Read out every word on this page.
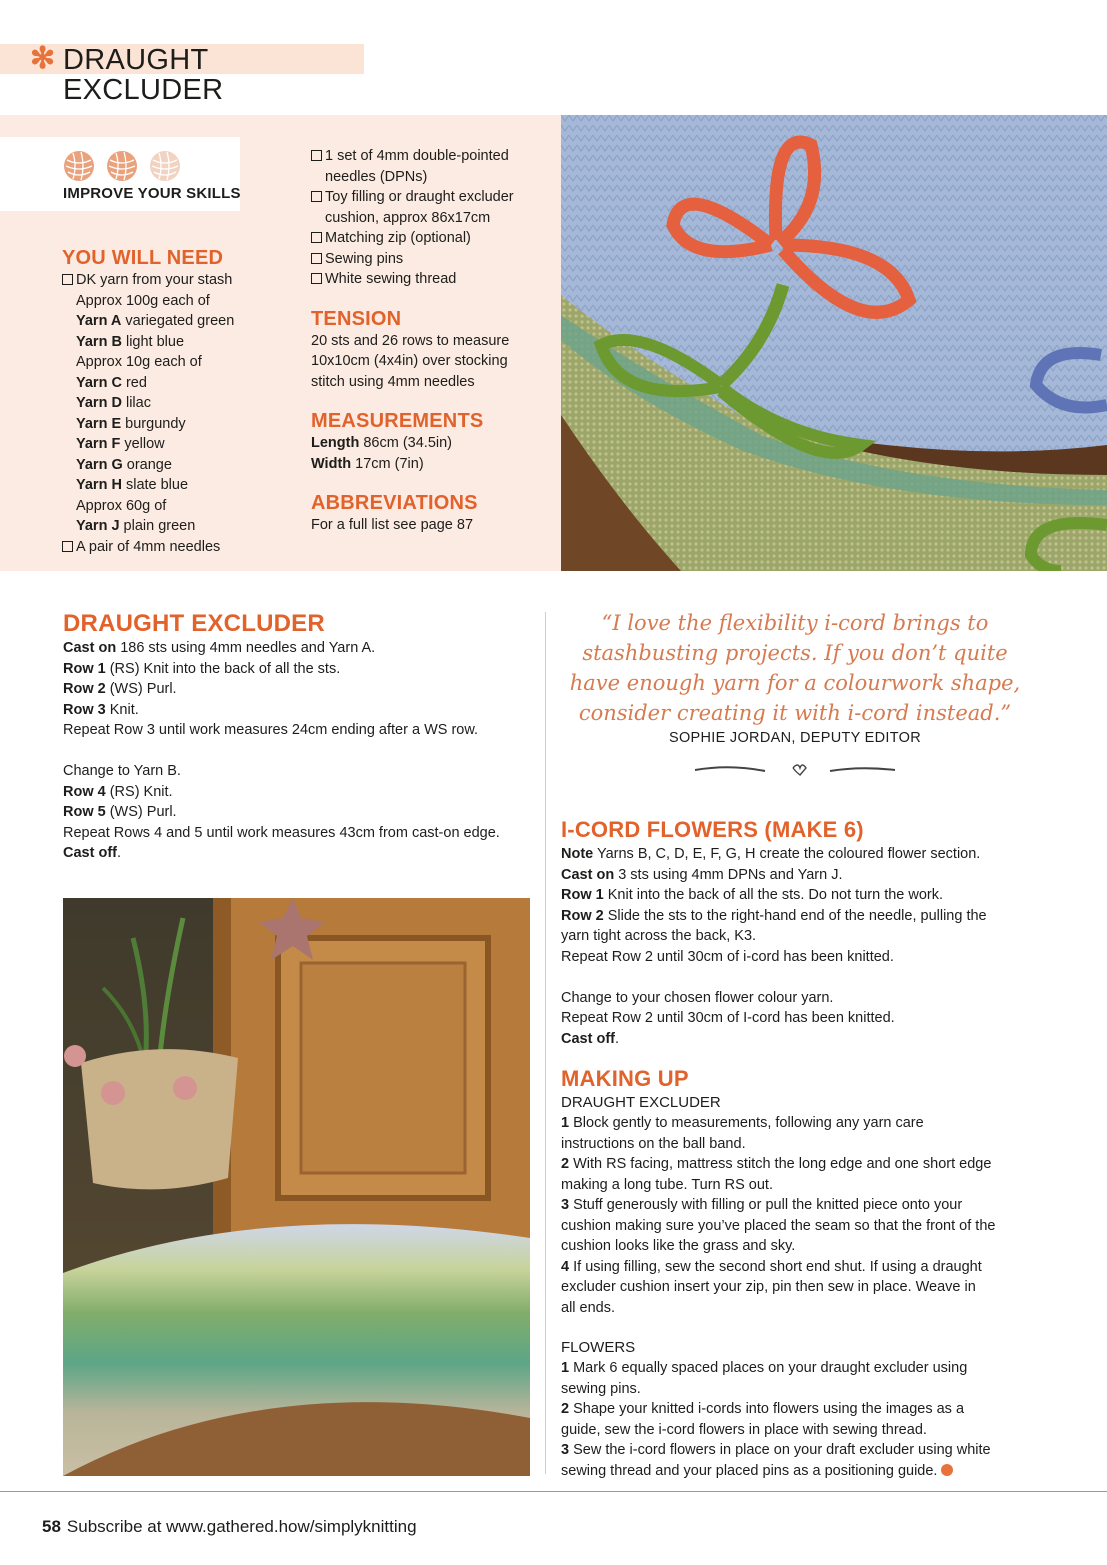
✻ DRAUGHT EXCLUDER
IMPROVE YOUR SKILLS
YOU WILL NEED
DK yarn from your stash
Approx 100g each of
Yarn A variegated green
Yarn B light blue
Approx 10g each of
Yarn C red
Yarn D lilac
Yarn E burgundy
Yarn F yellow
Yarn G orange
Yarn H slate blue
Approx 60g of
Yarn J plain green
A pair of 4mm needles
1 set of 4mm double-pointed
needles (DPNs)
Toy filling or draught excluder
cushion, approx 86x17cm
Matching zip (optional)
Sewing pins
White sewing thread
TENSION
20 sts and 26 rows to measure
10x10cm (4x4in) over stocking
stitch using 4mm needles
MEASUREMENTS
Length 86cm (34.5in)
Width 17cm (7in)
ABBREVIATIONS
For a full list see page 87
DRAUGHT EXCLUDER
Cast on 186 sts using 4mm needles and Yarn A.
Row 1 (RS) Knit into the back of all the sts.
Row 2 (WS) Purl.
Row 3 Knit.
Repeat Row 3 until work measures 24cm ending after a WS row.
Change to Yarn B.
Row 4 (RS) Knit.
Row 5 (WS) Purl.
Repeat Rows 4 and 5 until work measures 43cm from cast-on edge.
Cast off.
“I love the flexibility i-cord brings to stashbusting projects. If you don’t quite have enough yarn for a colourwork shape, consider creating it with i-cord instead.”
SOPHIE JORDAN, DEPUTY EDITOR
I-CORD FLOWERS (MAKE 6)
Note Yarns B, C, D, E, F, G, H create the coloured flower section.
Cast on 3 sts using 4mm DPNs and Yarn J.
Row 1 Knit into the back of all the sts. Do not turn the work.
Row 2 Slide the sts to the right-hand end of the needle, pulling the
yarn tight across the back, K3.
Repeat Row 2 until 30cm of i-cord has been knitted.
Change to your chosen flower colour yarn.
Repeat Row 2 until 30cm of I-cord has been knitted.
Cast off.
MAKING UP
DRAUGHT EXCLUDER
1 Block gently to measurements, following any yarn care
instructions on the ball band.
2 With RS facing, mattress stitch the long edge and one short edge
making a long tube. Turn RS out.
3 Stuff generously with filling or pull the knitted piece onto your
cushion making sure you’ve placed the seam so that the front of the
cushion looks like the grass and sky.
4 If using filling, sew the second short end shut. If using a draught
excluder cushion insert your zip, pin then sew in place. Weave in
all ends.
FLOWERS
1 Mark 6 equally spaced places on your draught excluder using
sewing pins.
2 Shape your knitted i-cords into flowers using the images as a
guide, sew the i-cord flowers in place with sewing thread.
3 Sew the i-cord flowers in place on your draft excluder using white
sewing thread and your placed pins as a positioning guide.
58 Subscribe at www.gathered.how/simplyknitting
